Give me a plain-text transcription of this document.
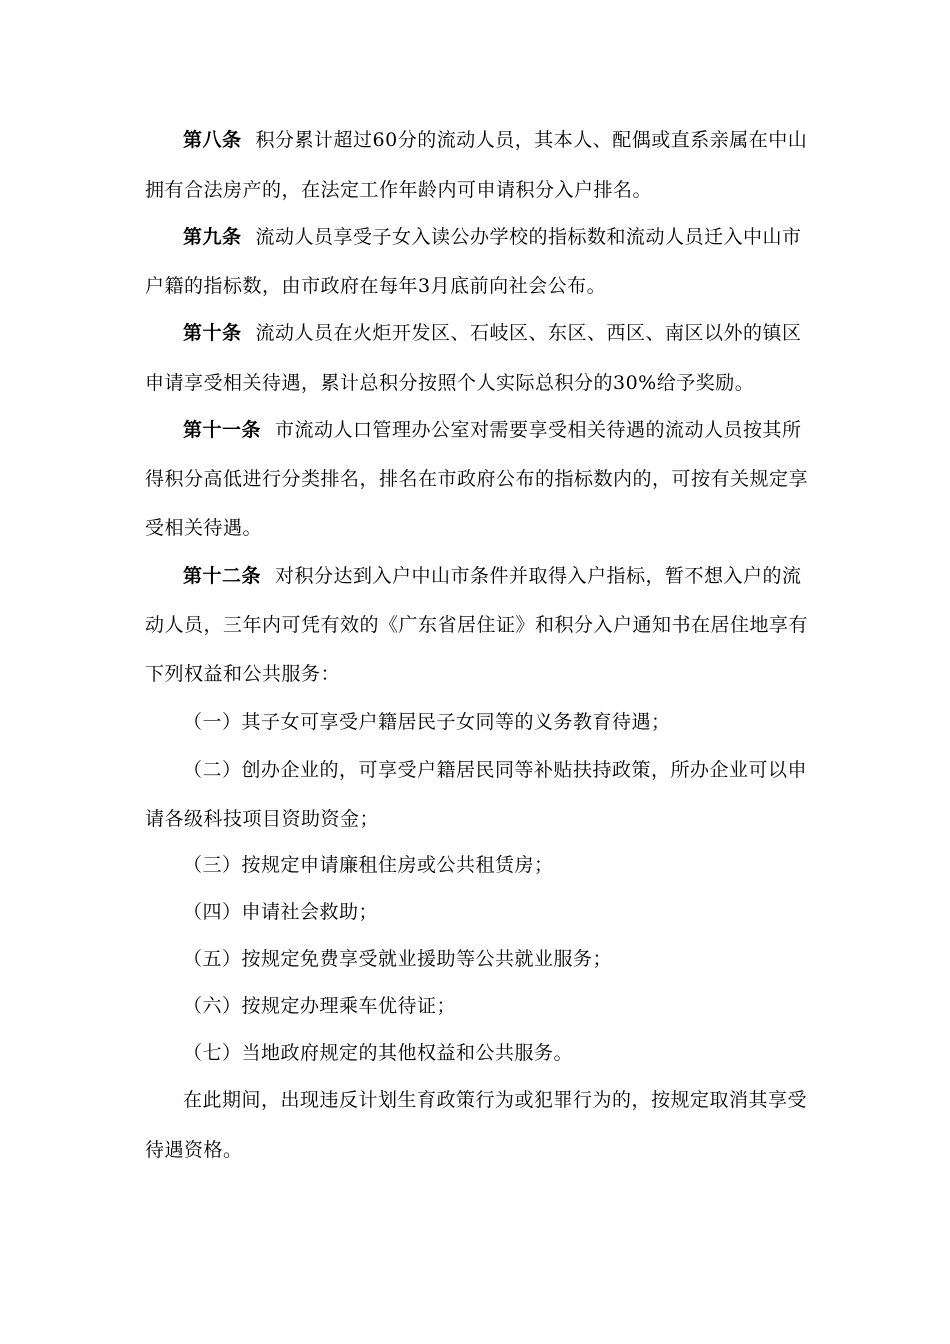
第八条 积分累计超过60分的流动人员，其本人、配偶或直系亲属在中山
拥有合法房产的，在法定工作年龄内可申请积分入户排名。
第九条 流动人员享受子女入读公办学校的指标数和流动人员迁入中山市
户籍的指标数，由市政府在每年3月底前向社会公布。
第十条 流动人员在火炬开发区、石岐区、东区、西区、南区以外的镇区
申请享受相关待遇，累计总积分按照个人实际总积分的30%给予奖励。
第十一条 市流动人口管理办公室对需要享受相关待遇的流动人员按其所
得积分高低进行分类排名，排名在市政府公布的指标数内的，可按有关规定享
受相关待遇。
第十二条 对积分达到入户中山市条件并取得入户指标，暂不想入户的流
动人员，三年内可凭有效的《广东省居住证》和积分入户通知书在居住地享有
下列权益和公共服务：
（一）其子女可享受户籍居民子女同等的义务教育待遇；
（二）创办企业的，可享受户籍居民同等补贴扶持政策，所办企业可以申
请各级科技项目资助资金；
（三）按规定申请廉租住房或公共租赁房；
（四）申请社会救助；
（五）按规定免费享受就业援助等公共就业服务；
（六）按规定办理乘车优待证；
（七）当地政府规定的其他权益和公共服务。
在此期间，出现违反计划生育政策行为或犯罪行为的，按规定取消其享受
待遇资格。
